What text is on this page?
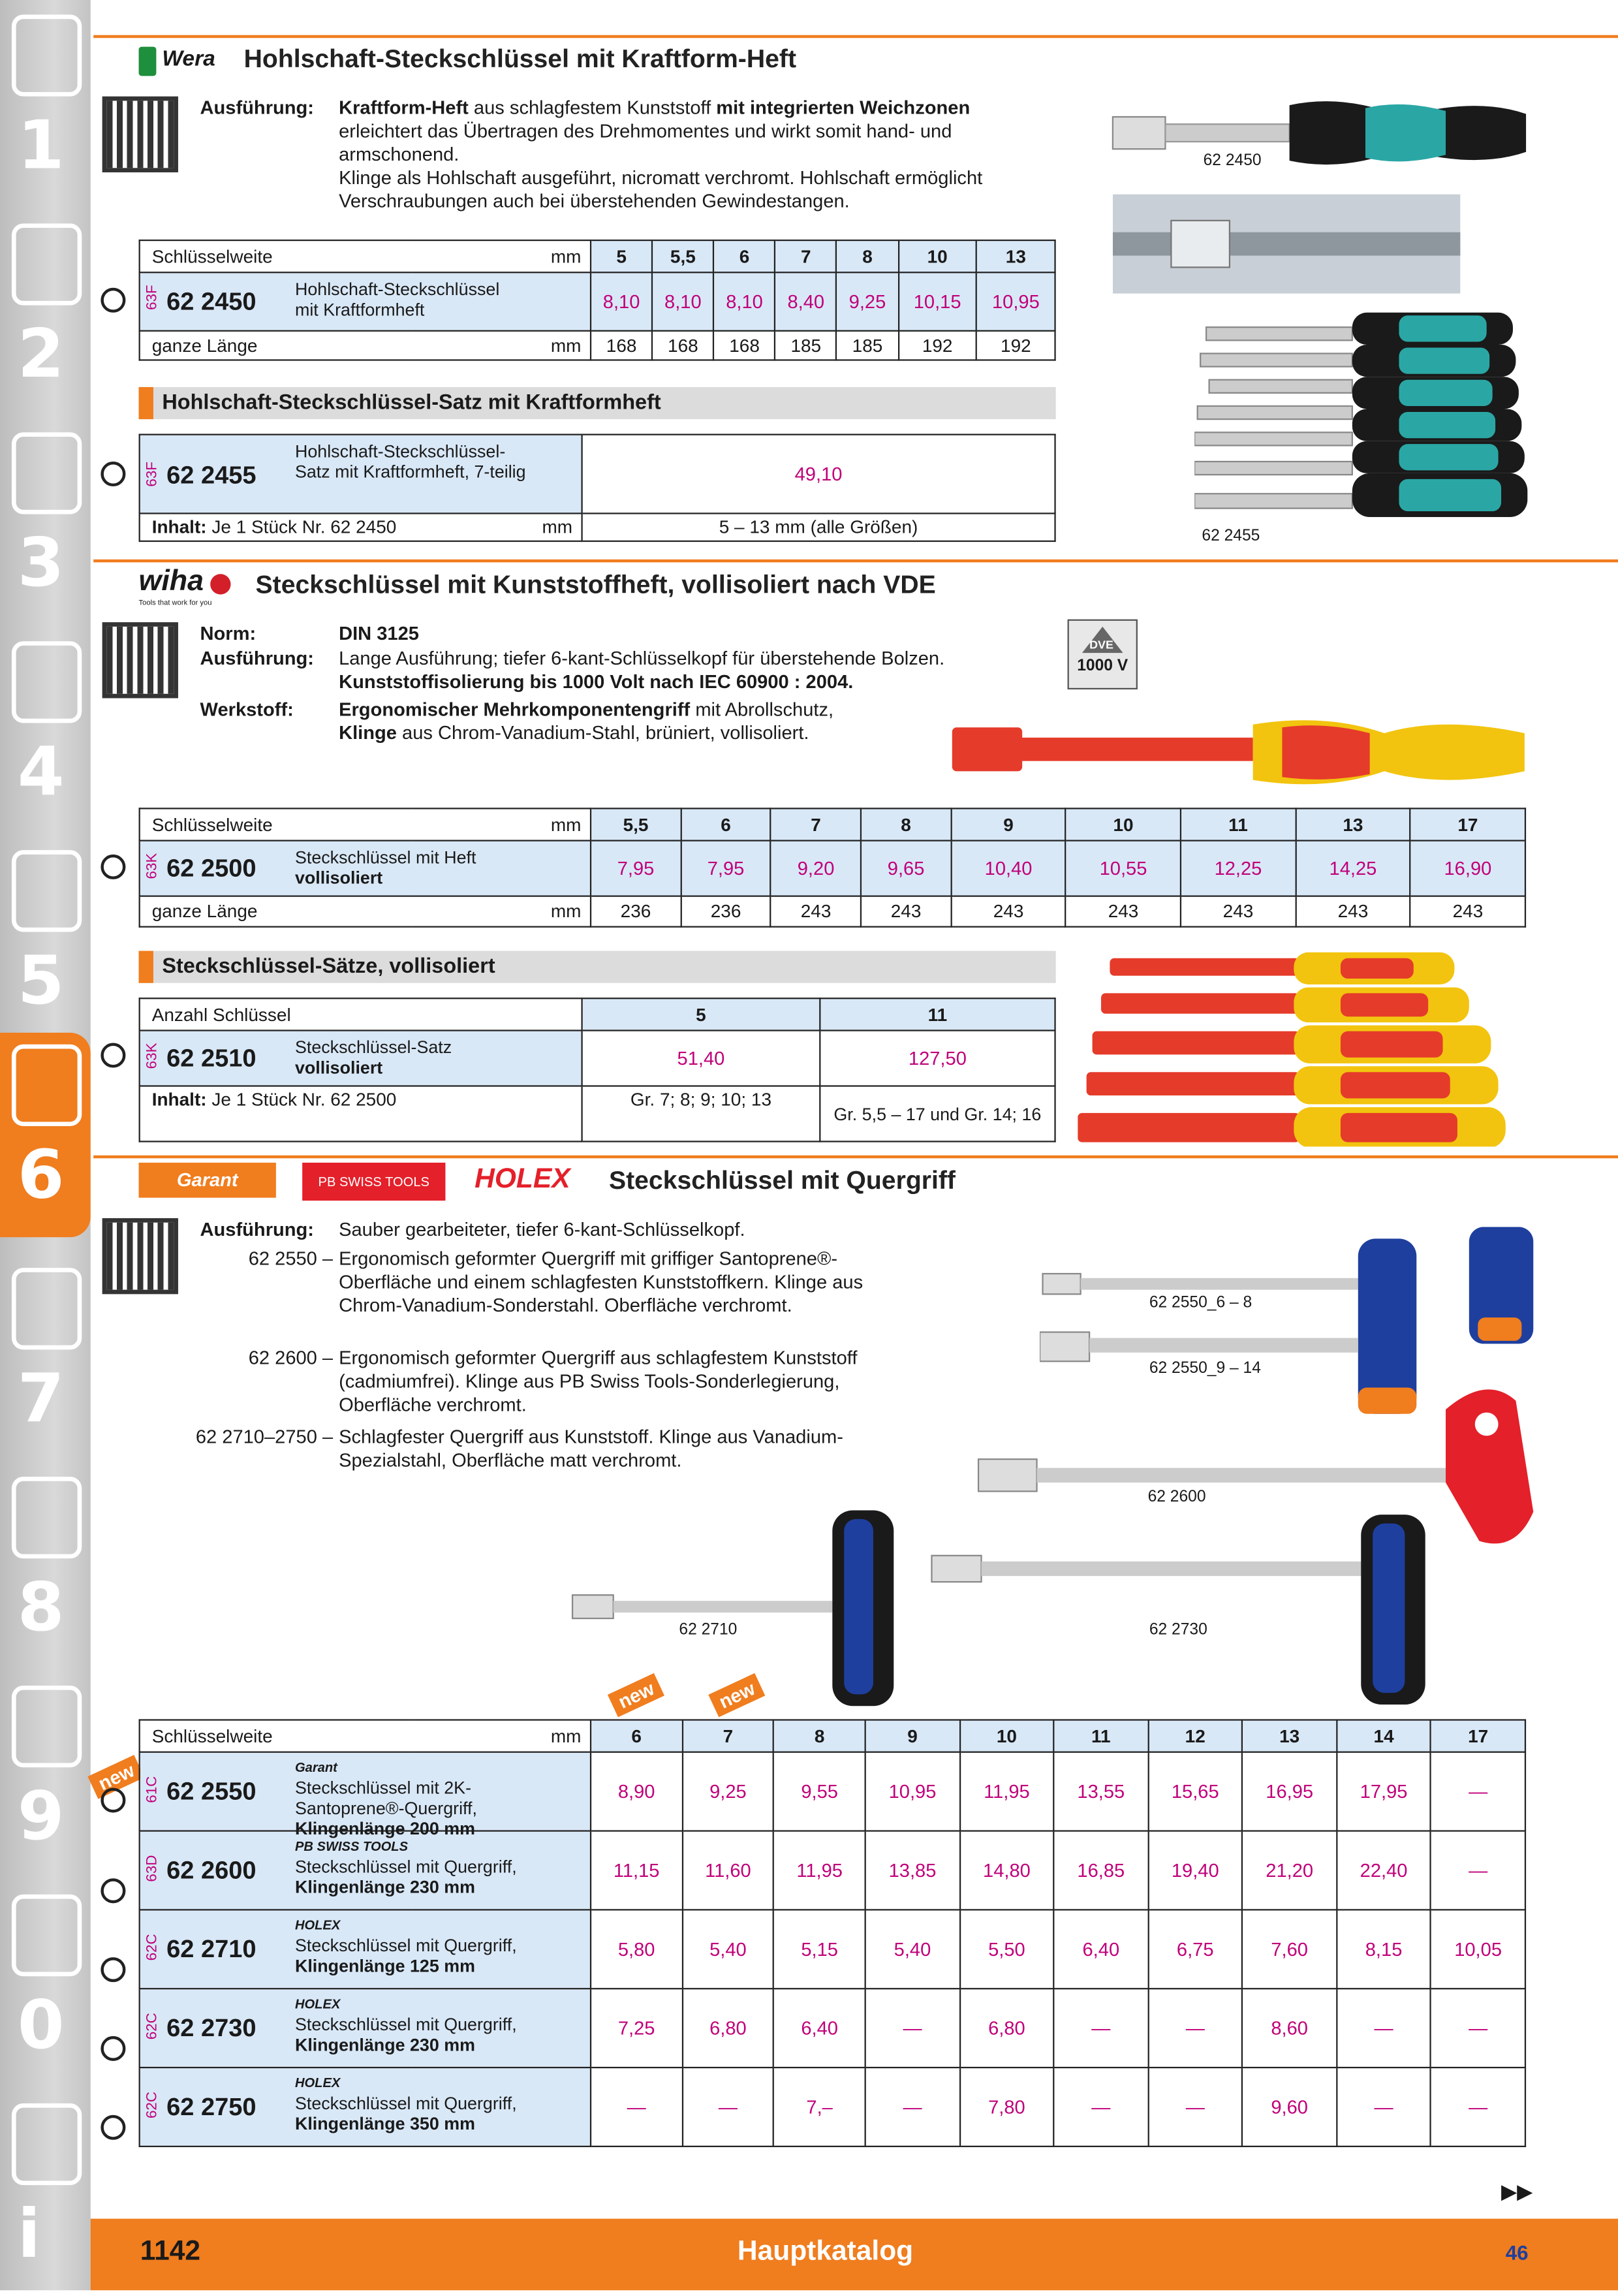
1
2
3
4
5
6
7
8
9
0
i
Wera	Hohlschaft-Steckschlüssel mit Kraftform-Heft
Ausführung:	Kraftform-Heft aus schlagfestem Kunststoff mit integrierten Weichzonen
erleichtert das Übertragen des Drehmomentes und wirkt somit hand- und armschonend.
Klinge als Hohlschaft ausgeführt, nicromatt verchromt. Hohlschaft ermöglicht Verschraubungen auch bei überstehenden Gewindestangen.
62 2450
62 2455
Schlüsselweite	mm	5	5,5	6	7	8	10	13

63F 62 2450 Hohlschaft-Steckschlüssel mit Kraftformheft		8,10	8,10	8,10	8,40	9,25	10,15	10,95
ganze Länge	mm	168	168	168	185	185	192	192
Hohlschaft-Steckschlüssel-Satz mit Kraftformheft
63F 62 2455
Hohlschaft-Steckschlüssel-Satz mit Kraftformheft, 7-teilig	49,10
Inhalt: Je 1 Stück Nr. 62 2450 mm	5 – 13 mm (alle Größen)
wiha
Tools that work for you
Steckschlüssel mit Kunststoffheft, vollisoliert nach VDE
Norm:	DIN 3125
Ausführung:	Lange Ausführung; tiefer 6-kant-Schlüsselkopf für überstehende Bolzen.
Kunststoffisolierung bis 1000 Volt nach IEC 60900 : 2004.
Werkstoff:	Ergonomischer Mehrkomponentengriff mit Abrollschutz,
Klinge aus Chrom-Vanadium-Stahl, brüniert, vollisoliert.
DVE
1000 V
Schlüsselweite	mm	5,5	6	7	8	9	10	11	13	17

63K 62 2500 Steckschlüssel mit Heft
vollisoliert		7,95	7,95	9,20	9,65	10,40	10,55	12,25	14,25	16,90
ganze Länge	mm	236	236	243	243	243	243	243	243	243
Steckschlüssel-Sätze, vollisoliert
Anzahl Schlüssel	5	11

63K 62 2510 Steckschlüssel-Satz
vollisoliert	51,40	127,50
Inhalt: Je 1 Stück Nr. 62 2500	Gr. 7; 8; 9; 10; 13	Gr. 5,5 – 17 und Gr. 14; 16
Garant	PB SWISS TOOLS	HOLEX	Steckschlüssel mit Quergriff
Ausführung:	Sauber gearbeiteter, tiefer 6-kant-Schlüsselkopf.
62 2550 – Ergonomisch geformter Quergriff mit griffiger Santoprene®-Oberfläche und einem schlagfesten Kunststoffkern. Klinge aus Chrom-Vanadium-Sonderstahl. Oberfläche verchromt.
62 2600 – Ergonomisch geformter Quergriff aus schlagfestem Kunststoff (cadmiumfrei). Klinge aus PB Swiss Tools-Sonderlegierung, Oberfläche verchromt.
62 2710–2750 – Schlagfester Quergriff aus Kunststoff. Klinge aus Vanadium-Spezialstahl, Oberfläche matt verchromt.
62 2550_6 – 8
62 2550_9 – 14
62 2600
62 2710	62 2730
new	new
new
Schlüsselweite	mm	6	7	8	9	10	11	12	13	14	17

61C 62 2550
Garant
Steckschlüssel mit 2K-Santoprene®-Quergriff,
Klingenlänge 200 mm		8,90	9,25	9,55	10,95	11,95	13,55	15,65	16,95	17,95	—

63D 62 2600
PB SWISS TOOLS
Steckschlüssel mit Quergriff,
Klingenlänge 230 mm		11,15	11,60	11,95	13,85	14,80	16,85	19,40	21,20	22,40	—

62C 62 2710
HOLEX
Steckschlüssel mit Quergriff,
Klingenlänge 125 mm		5,80	5,40	5,15	5,40	5,50	6,40	6,75	7,60	8,15	10,05

62C 62 2730
HOLEX
Steckschlüssel mit Quergriff,
Klingenlänge 230 mm		7,25	6,80	6,40	—	6,80	—	—	8,60	—	—

62C 62 2750
HOLEX
Steckschlüssel mit Quergriff,
Klingenlänge 350 mm		—	—	7,–	—	7,80	—	—	9,60	—	—
▶▶
1142	Hauptkatalog	46
